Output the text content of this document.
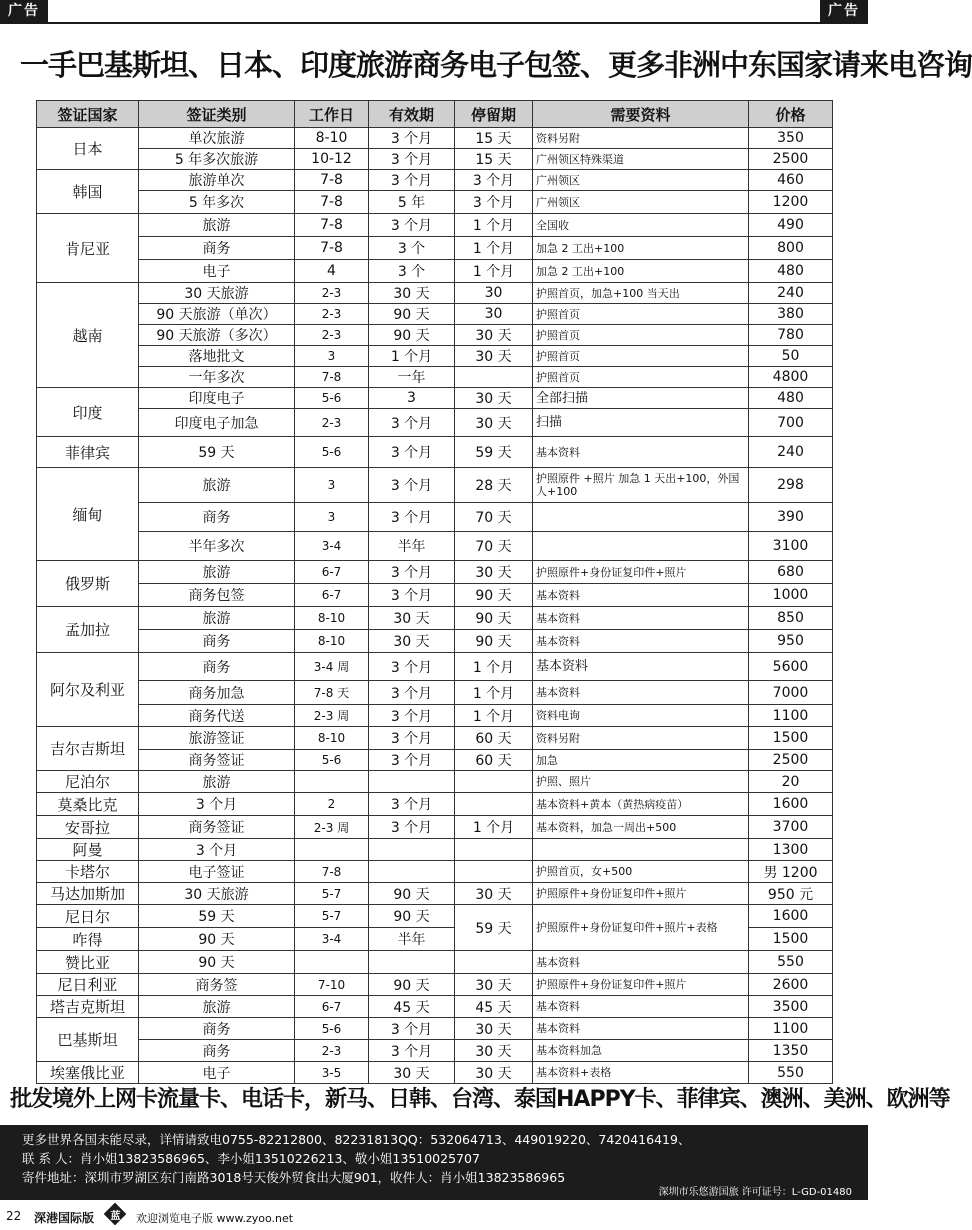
广告	广告
一手巴基斯坦、日本、印度旅游商务电子包签、更多非洲中东国家请来电咨询
签证国家	签证类别	工作日	有效期	停留期	需要资料	价格
日本	单次旅游	8-10	3 个月	15 天	资料另附	350
	5 年多次旅游	10-12	3 个月	15 天	广州领区特殊渠道	2500
韩国	旅游单次	7-8	3 个月	3 个月	广州领区	460
	5 年多次	7-8	5 年	3 个月	广州领区	1200
肯尼亚	旅游	7-8	3 个月	1 个月	全国收	490
	商务	7-8	3 个	1 个月	加急 2 工出+100	800
	电子	4	3 个	1 个月	加急 2 工出+100	480
越南	30 天旅游	2-3	30 天	30	护照首页，加急+100 当天出	240
	90 天旅游（单次）	2-3	90 天	30	护照首页	380
	90 天旅游（多次）	2-3	90 天	30 天	护照首页	780
	落地批文	3	1 个月	30 天	护照首页	50
	一年多次	7-8	一年		护照首页	4800
印度	印度电子	5-6	3	30 天	全部扫描	480
	印度电子加急	2-3	3 个月	30 天	扫描	700
菲律宾	59 天	5-6	3 个月	59 天	基本资料	240
缅甸	旅游	3	3 个月	28 天	护照原件 +照片 加急 1 天出+100，外国人+100	298
	商务	3	3 个月	70 天		390
	半年多次	3-4	半年	70 天		3100
俄罗斯	旅游	6-7	3 个月	30 天	护照原件+身份证复印件+照片	680
	商务包签	6-7	3 个月	90 天	基本资料	1000
孟加拉	旅游	8-10	30 天	90 天	基本资料	850
	商务	8-10	30 天	90 天	基本资料	950
阿尔及利亚	商务	3-4 周	3 个月	1 个月	基本资料	5600
	商务加急	7-8 天	3 个月	1 个月	基本资料	7000
	商务代送	2-3 周	3 个月	1 个月	资料电询	1100
吉尔吉斯坦	旅游签证	8-10	3 个月	60 天	资料另附	1500
	商务签证	5-6	3 个月	60 天	加急	2500
尼泊尔	旅游				护照、照片	20
莫桑比克	3 个月	2	3 个月		基本资料+黄本（黄热病疫苗）	1600
安哥拉	商务签证	2-3 周	3 个月	1 个月	基本资料，加急一周出+500	3700
阿曼	3 个月					1300
卡塔尔	电子签证	7-8			护照首页，女+500	男 1200
马达加斯加	30 天旅游	5-7	90 天	30 天	护照原件+身份证复印件+照片	950 元
尼日尔	59 天	5-7	90 天	59 天	护照原件+身份证复印件+照片+表格	1600
咋得	90 天	3-4	半年			1500
赞比亚	90 天				基本资料	550
尼日利亚	商务签	7-10	90 天	30 天	护照原件+身份证复印件+照片	2600
塔吉克斯坦	旅游	6-7	45 天	45 天	基本资料	3500
巴基斯坦	商务	5-6	3 个月	30 天	基本资料	1100
	商务	2-3	3 个月	30 天	基本资料加急	1350
埃塞俄比亚	电子	3-5	30 天	30 天	基本资料+表格	550
批发境外上网卡流量卡、电话卡，新马、日韩、台湾、泰国HAPPY卡、菲律宾、澳洲、美洲、欧洲等
更多世界各国未能尽录，详情请致电0755-82212800、82231813QQ：532064713、449019220、7420416419、
联 系 人：肖小姐13823586965、李小姐13510226213、敬小姐13510025707
寄件地址：深圳市罗湖区东门南路3018号天俊外贸食出大厦901，收件人：肖小姐13823586965
深圳市乐悠游国旅 许可证号：L-GD-01480
22 深港国际版 蓝 欢迎浏览电子版 www.zyoo.net
